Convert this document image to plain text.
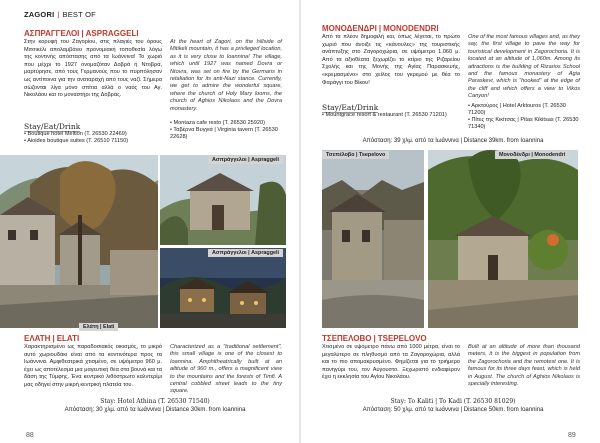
ZAGORI | BEST OF
ΑΣΠΡΑΓΓΕΛΟΙ | ASPRAGGELI
Στην κορυφή του Ζαγορίου, στις πλαγιές του όρους Μιτσικέλι απολαμβάνει προνομιακή τοποθεσία λόγω της κοντινής απόστασης από τα Ιωάννινα! Το χωριό που μέχρι το 1927 ονομαζόταν Δοβρά ή Ντοβρά, μαρτύρησε, από τους Γερμανούς που το πυρπόλησαν ως αντίποινα για την αναταραχή από τους ναζί. Σήμερα σώζονται λίγα μόνο σπίτια αλλά ο ναός του Αγ. Νικολάου και το μοναστήρι της Δοβράς.
At the heart of Zagori, on the hillside of Mitikeli mountain, it has a privileged location, as it is very close to Ioannina! The village, which until 1927 was named Dovra or Ntovra, was set on fire by the Germans in retaliation for its anti-Nazi stance. Currently, we get to admire the wonderful square, where the church of Holy Mary looms, the church of Aghios Nikolaos and the Dovra monastery.
Stay/Eat/Drink
• Boutique hotel Meltion (T. 26530 22469)
• Aioides boutique suites (T. 26510 71150)
• Montaza cafe resto (T. 26530 25920)
• Ταβέρνα Βυγγιά | Virginia tavern (T. 26530 22628)
Ελάτη | Elati
Ασπράγγελοι | Aspraggeli
Ασπράγγελοι | Aspraggeli
ΕΛΑΤΗ | ELATI
Χαρακτηρισμένο ως παραδοσιακός οικισμός, το μικρό αυτό χωριουδάκι είναι από τα κοντινότερα προς τα Ιωάννινα. Αμφιθεατρικά χτισμένο, σε υψόμετρο 960 μ. έχει ως αποτέλεσμα μια μαγευτική θέα στα βουνά και τα δάση της Τύμφης. Ένα κεντρικό λιθόστρωτο καλντερίμι μας οδηγεί στην μικρή κεντρική πλατεία του.
Characterized as a "traditional settlement", this small village is one of the closest to Ioannina. Amphitheatrically built at an altitude of 960 m., offers a magnificent view to the mountains and the forests of Timfi. A central cobbled street leads to the tiny square.
Stay: Hotel Athina (T. 26530 71540)
Απόσταση: 30 χλμ. από τα Ιωάννινα | Distance 30km. from Ioannina
88
ΜΟΝΟΔΕΝΔΡΙ | MONODENDRI
Από τα πλέον δημοφιλή και, όπως λέγεται, το πρώτο χωριό που άνοιξε τις «κάνουλες» της τουριστικής ανάπτυξης στο Ζαγοροχώρια, σε υψόμετρο 1.060 μ. Από τα αξιοθέατα ξεχωρίζει το κτίριο της Ριζαρείου Σχολής και της Μονής της Αγίας Παρασκευής, «κρεμασμένο» στο χείλος του γκρεμού με θέα το Φαράγγι του Βίκου!
One of the most famous villages and, as they say, the first village to pave the way for touristical development in Zagorochoria. It is located at an altitude of 1,060m. Among its attractions is the building of Rizarios School and the famous monastery of Agia Paraskevi, which is "hooked" at the edge of the cliff and which offers a view to Vikos Canyon!
Stay/Eat/Drink
• Mountgrace resort & restaurant (T. 26530 71201)
• Αρκτούρος | Hotel Arktouros (T. 26530 71200)
• Πίτες της Κικίτσας | Pitas Kikitsas (T. 26530 71340)
Απόσταση: 39 χλμ. από τα Ιωάννινα | Distance 39km. from Ioannina
Τσεπέλοβο | Tsepelovo	Μονοδένδρι | Monodendri
ΤΣΕΠΕΛΟΒΟ | TSEPELOVO
Χτισμένο σε υψόμετρο πάνω από 1000 μέτρα, είναι το μεγαλύτερο σε πληθυσμό από τα Ζαγοροχώρια, αλλά και το πιο απομακρυσμένο. Φημίζεται για το τριήμερο πανηγύρι του, τον Αύγουστο. Ξεχωριστό ενδιαφέρον έχει η εκκλησία του Αγίου Νικολάου.
Built at an altitude of more than thousand meters, it is the biggest in population from the Zagorochoria and the remotest one. It is famous for its three days feast, which is held in August. The church of Aghios Nikolaos is specially interesting.
Stay: To Kaliti | To Kadi (T. 26530 81029)
Απόσταση: 50 χλμ. από τα Ιωάννινα | Distance 50km. from Ioannina
89
